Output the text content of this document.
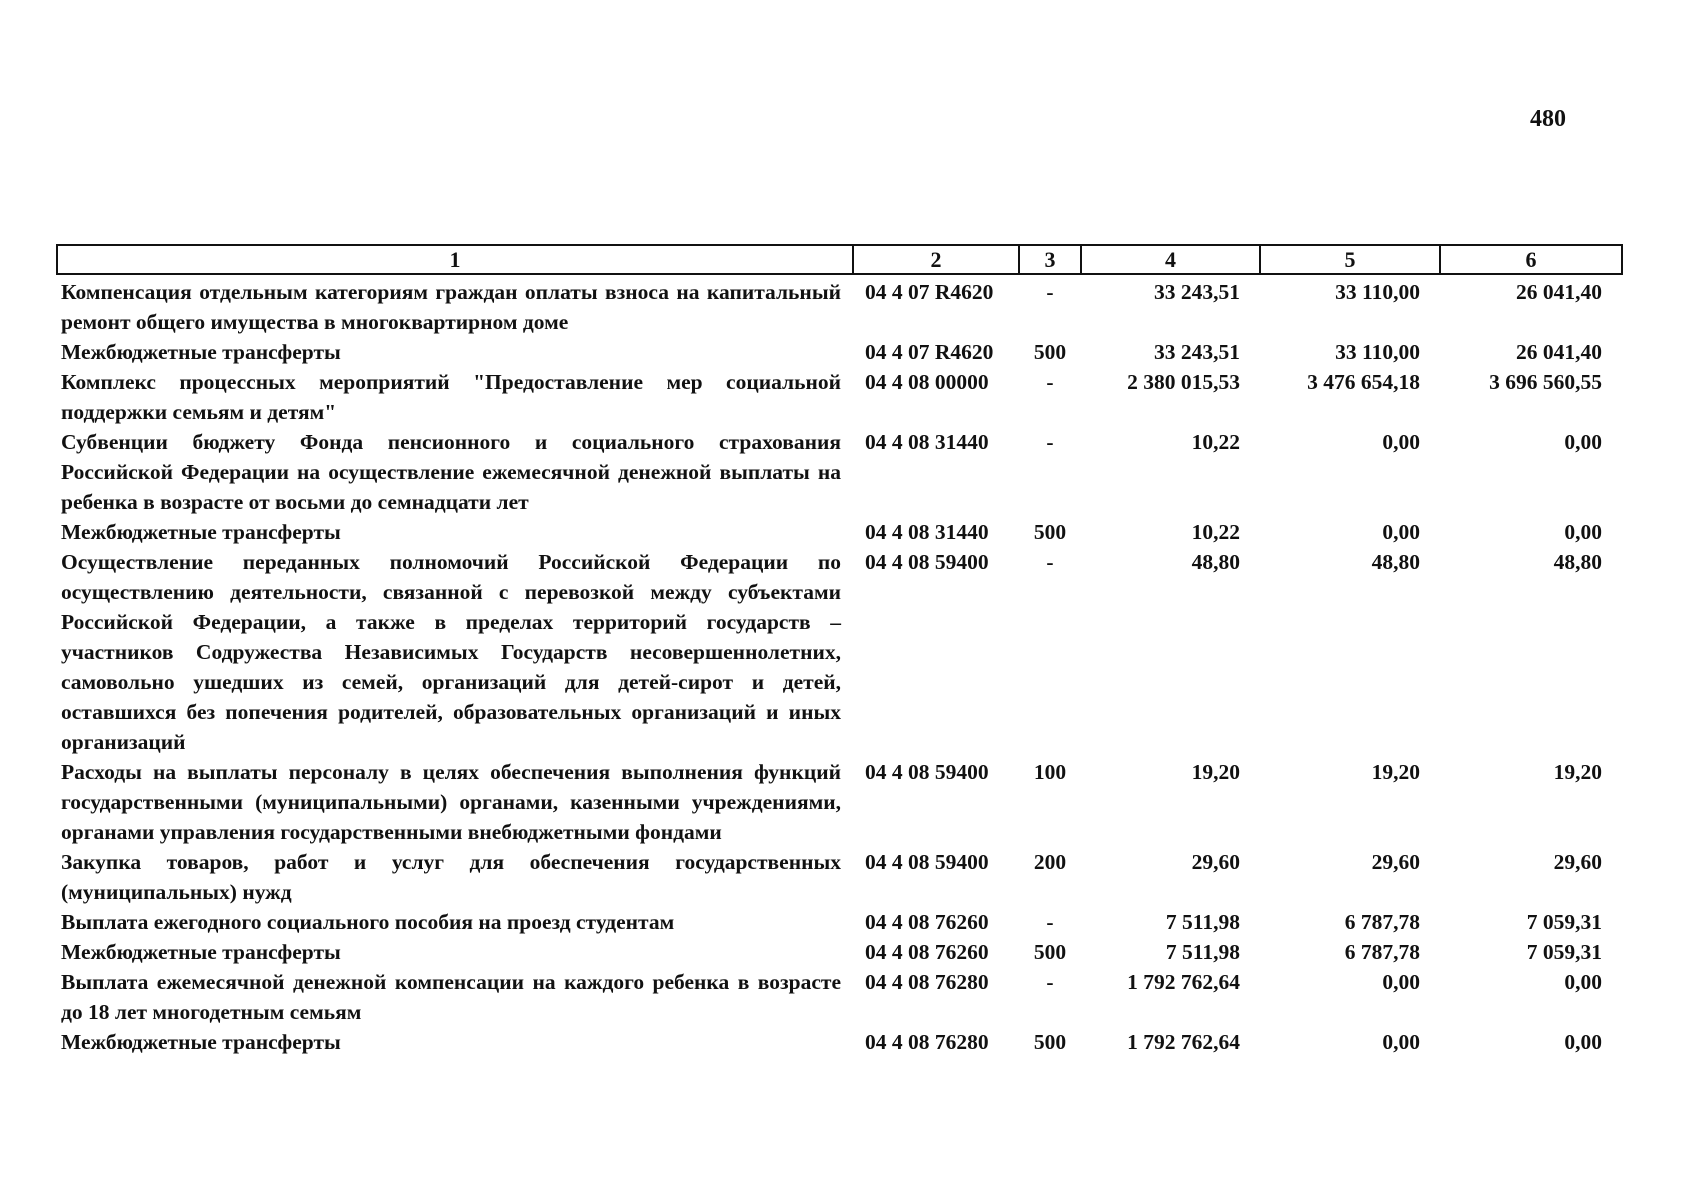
480
1	2	3	4	5	6
Компенсация отдельным категориям граждан оплаты взноса на капитальный ремонт общего имущества в многоквартирном доме	04 4 07 R4620	-	33 243,51	33 110,00	26 041,40
Межбюджетные трансферты	04 4 07 R4620	500	33 243,51	33 110,00	26 041,40
Комплекс процессных мероприятий "Предоставление мер социальной поддержки семьям и детям"	04 4 08 00000	-	2 380 015,53	3 476 654,18	3 696 560,55
Субвенции бюджету Фонда пенсионного и социального страхования Российской Федерации на осуществление ежемесячной денежной выплаты на ребенка в возрасте от восьми до семнадцати лет	04 4 08 31440	-	10,22	0,00	0,00
Межбюджетные трансферты	04 4 08 31440	500	10,22	0,00	0,00
Осуществление переданных полномочий Российской Федерации по осуществлению деятельности, связанной с перевозкой между субъектами Российской Федерации, а также в пределах территорий государств – участников Содружества Независимых Государств несовершеннолетних, самовольно ушедших из семей, организаций для детей-сирот и детей, оставшихся без попечения родителей, образовательных организаций и иных организаций	04 4 08 59400	-	48,80	48,80	48,80
Расходы на выплаты персоналу в целях обеспечения выполнения функций государственными (муниципальными) органами, казенными учреждениями, органами управления государственными внебюджетными фондами	04 4 08 59400	100	19,20	19,20	19,20
Закупка товаров, работ и услуг для обеспечения государственных (муниципальных) нужд	04 4 08 59400	200	29,60	29,60	29,60
Выплата ежегодного социального пособия на проезд студентам	04 4 08 76260	-	7 511,98	6 787,78	7 059,31
Межбюджетные трансферты	04 4 08 76260	500	7 511,98	6 787,78	7 059,31
Выплата ежемесячной денежной компенсации на каждого ребенка в возрасте до 18 лет многодетным семьям	04 4 08 76280	-	1 792 762,64	0,00	0,00
Межбюджетные трансферты	04 4 08 76280	500	1 792 762,64	0,00	0,00
